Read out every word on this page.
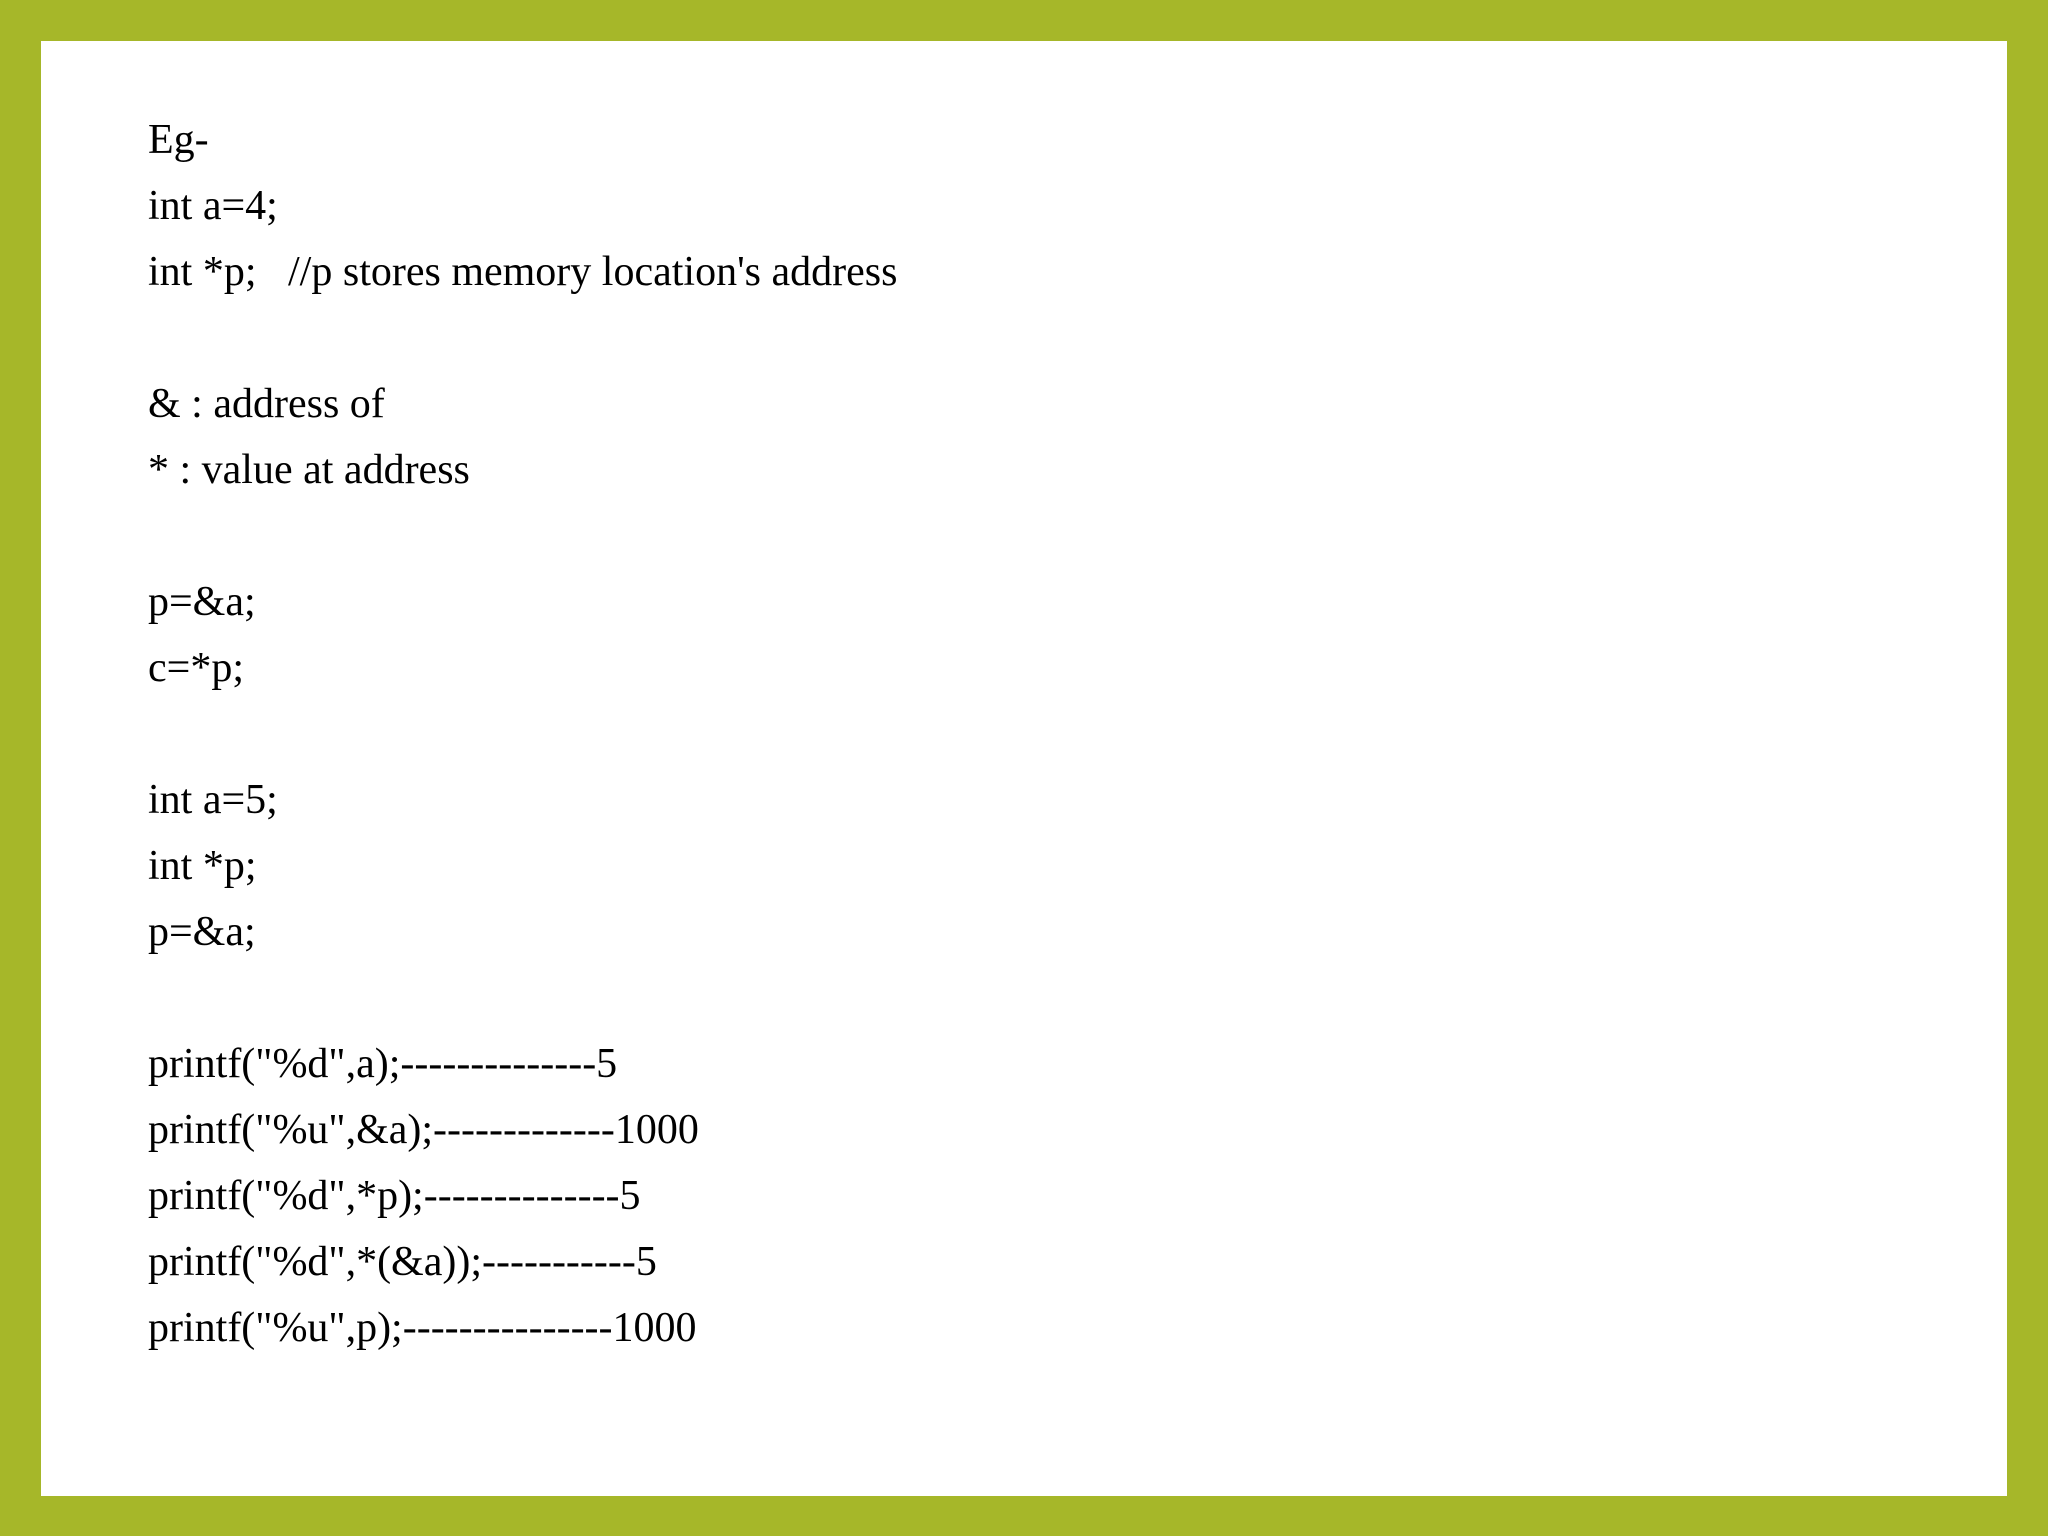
Eg-
int a=4;
int *p;   //p stores memory location's address
& : address of
* : value at address
p=&a;
c=*p;
int a=5;
int *p;
p=&a;
printf("%d",a);--------------5
printf("%u",&a);-------------1000
printf("%d",*p);--------------5
printf("%d",*(&a));-----------5
printf("%u",p);---------------1000
